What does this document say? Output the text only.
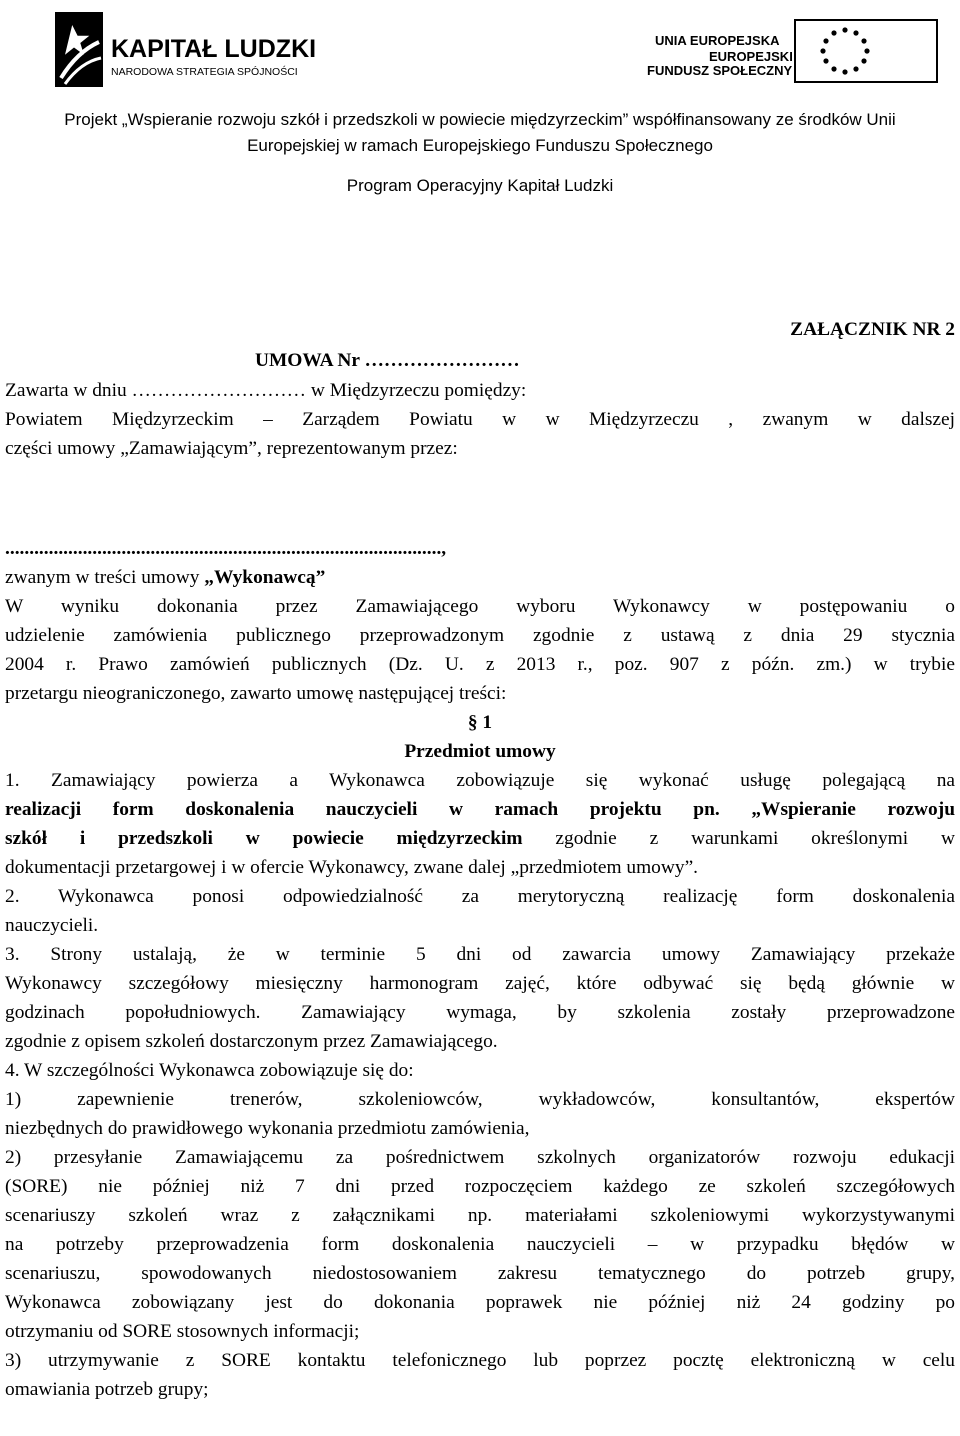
KAPITAŁ LUDZKI
NARODOWA STRATEGIA SPÓJNOŚCI
UNIA EUROPEJSKA
EUROPEJSKI
FUNDUSZ SPOŁECZNY
Projekt „Wspieranie rozwoju szkół i przedszkoli w powiecie międzyrzeckim” współfinansowany ze środków Unii
Europejskiej w ramach Europejskiego Funduszu Społecznego
Program Operacyjny Kapitał Ludzki
ZAŁĄCZNIK NR 2
UMOWA Nr ……………………
Zawarta w dniu ……………………… w Międzyrzeczu pomiędzy:
Powiatem Międzyrzeckim – Zarządem Powiatu w w Międzyrzeczu , zwanym w dalszej
części umowy „Zamawiającym”, reprezentowanym przez:
..........................................................................................,
zwanym w treści umowy „Wykonawcą”
W wyniku dokonania przez Zamawiającego wyboru Wykonawcy w postępowaniu o
udzielenie zamówienia publicznego przeprowadzonym zgodnie z ustawą z dnia 29 stycznia
2004 r. Prawo zamówień publicznych (Dz. U. z 2013 r., poz. 907 z późn. zm.) w trybie
przetargu nieograniczonego, zawarto umowę następującej treści:
§ 1
Przedmiot umowy
1. Zamawiający powierza a Wykonawca zobowiązuje się wykonać usługę polegającą na
realizacji form doskonalenia nauczycieli w ramach projektu pn. „Wspieranie rozwoju
szkół i przedszkoli w powiecie międzyrzeckim zgodnie z warunkami określonymi w
dokumentacji przetargowej i w ofercie Wykonawcy, zwane dalej „przedmiotem umowy”.
2. Wykonawca ponosi odpowiedzialność za merytoryczną realizację form doskonalenia
nauczycieli.
3. Strony ustalają, że w terminie 5 dni od zawarcia umowy Zamawiający przekaże
Wykonawcy szczegółowy miesięczny harmonogram zajęć, które odbywać się będą głównie w
godzinach popołudniowych. Zamawiający wymaga, by szkolenia zostały przeprowadzone
zgodnie z opisem szkoleń dostarczonym przez Zamawiającego.
4. W szczególności Wykonawca zobowiązuje się do:
1) zapewnienie trenerów, szkoleniowców, wykładowców, konsultantów, ekspertów
niezbędnych do prawidłowego wykonania przedmiotu zamówienia,
2) przesyłanie Zamawiającemu za pośrednictwem szkolnych organizatorów rozwoju edukacji
(SORE) nie później niż 7 dni przed rozpoczęciem każdego ze szkoleń szczegółowych
scenariuszy szkoleń wraz z załącznikami np. materiałami szkoleniowymi wykorzystywanymi
na potrzeby przeprowadzenia form doskonalenia nauczycieli – w przypadku błędów w
scenariuszu, spowodowanych niedostosowaniem zakresu tematycznego do potrzeb grupy,
Wykonawca zobowiązany jest do dokonania poprawek nie później niż 24 godziny po
otrzymaniu od SORE stosownych informacji;
3) utrzymywanie z SORE kontaktu telefonicznego lub poprzez pocztę elektroniczną w celu
omawiania potrzeb grupy;
